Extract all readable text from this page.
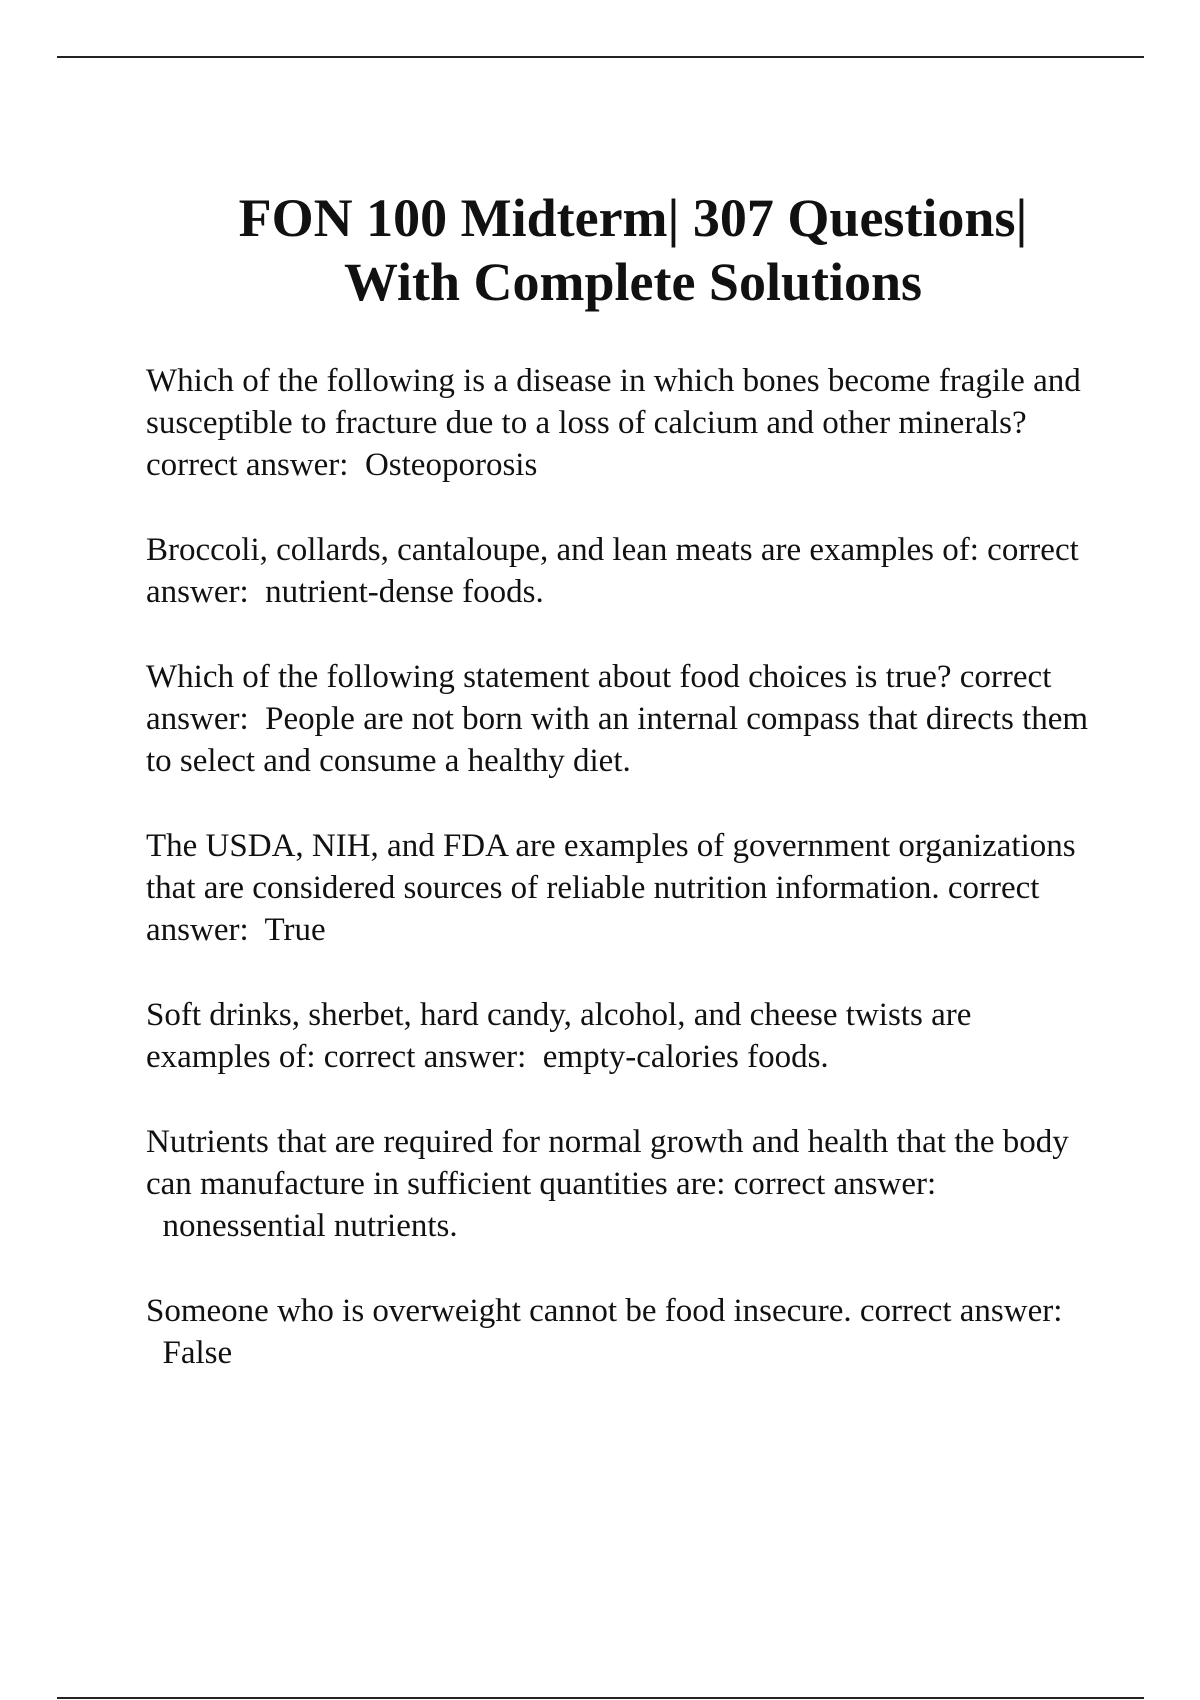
FON 100 Midterm| 307 Questions|
With Complete Solutions
Which of the following is a disease in which bones become fragile and susceptible to fracture due to a loss of calcium and other minerals? correct answer: Osteoporosis
Broccoli, collards, cantaloupe, and lean meats are examples of: correct answer: nutrient-dense foods.
Which of the following statement about food choices is true? correct answer: People are not born with an internal compass that directs them to select and consume a healthy diet.
The USDA, NIH, and FDA are examples of government organizations that are considered sources of reliable nutrition information. correct answer: True
Soft drinks, sherbet, hard candy, alcohol, and cheese twists are examples of: correct answer: empty-calories foods.
Nutrients that are required for normal growth and health that the body can manufacture in sufficient quantities are: correct answer:  nonessential nutrients.
Someone who is overweight cannot be food insecure. correct answer:  False
